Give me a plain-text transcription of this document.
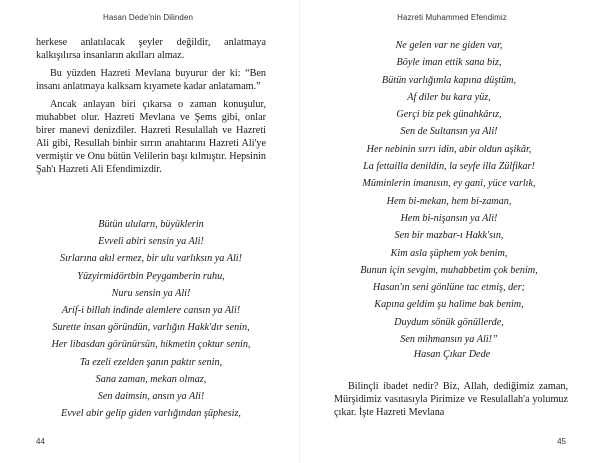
Hasan Dede'nin Dilinden

herkese anlatılacak şeyler değildir, anlatmaya kalkışılırsa insanların akılları almaz.

Bu yüzden Hazreti Mevlana buyurur der ki: “Ben insanı anlatmaya kalksam kıyamete kadar anlatamam.”

Ancak anlayan biri çıkarsa o zaman konuşulur, muhabbet olur. Hazreti Mevlana ve Şems gibi, onlar birer manevi denizdiler. Hazreti Resulallah ve Hazreti Ali gibi, Resullah binbir sırrın anahtarını Hazreti Ali'ye vermiştir ve Onu bütün Velilerin başı kılmıştır. Hepsinin Şah'ı Hazreti Ali Efendimizdir.

Bütün ulularn, büyüklerin
Evveli abiri sensin ya Ali!
Sırlarına akıl ermez, bir ulu varlıksın ya Ali!
Yüzyirmidörtbin Peygamberin ruhu,
Nuru sensin ya Ali!
Arif-i billah indinde alemlere cansın ya Ali!
Surette insan göründün, varlığın Hakk'dır senin,
Her libasdan görünürsün, hikmetin çoktur senin,
Ta ezeli ezelden şanın paktır senin,
Sana zaman, mekan olmaz,
Sen daimsin, ansın ya Ali!
Evvel abir gelip giden varlığından şüphesiz,
44
Hazreti Muhammed Efendimiz
Ne gelen var ne giden var,
Böyle iman ettik sana biz,
Bütün varlığımla kapına düştüm,
Af diler bu kara yüz,
Gerçi biz pek günahkârız,
Sen de Sultansın ya Ali!
Her nebinin sırrı idin, abir oldun aşikâr,
La fettailla denildin, la seyfe illa Zülfikar!
Müminlerin imanısın, ey gani, yüce varlık,
Hem bi-mekan, hem bi-zaman,
Hem bi-nişansın ya Ali!
Sen bir mazbar-ı Hakk'sın,
Kim asla şüphem yok benim,
Bunun için sevgim, muhabbetim çok benim,
Hasan'ın seni gönlüne tac etmiş, der;
Kapına geldim şu halime bak benim,
Duydum sönük gönüllerde,
Sen mihmansın ya Ali!”
Hasan Çıkar Dede

Bilinçli ibadet nedir? Biz, Allah, dediğimiz zaman, Mürşidimiz vasıtasıyla Pirimize ve Resulallah'a yolumuz çıkar. İşte Hazreti Mevlana

45
